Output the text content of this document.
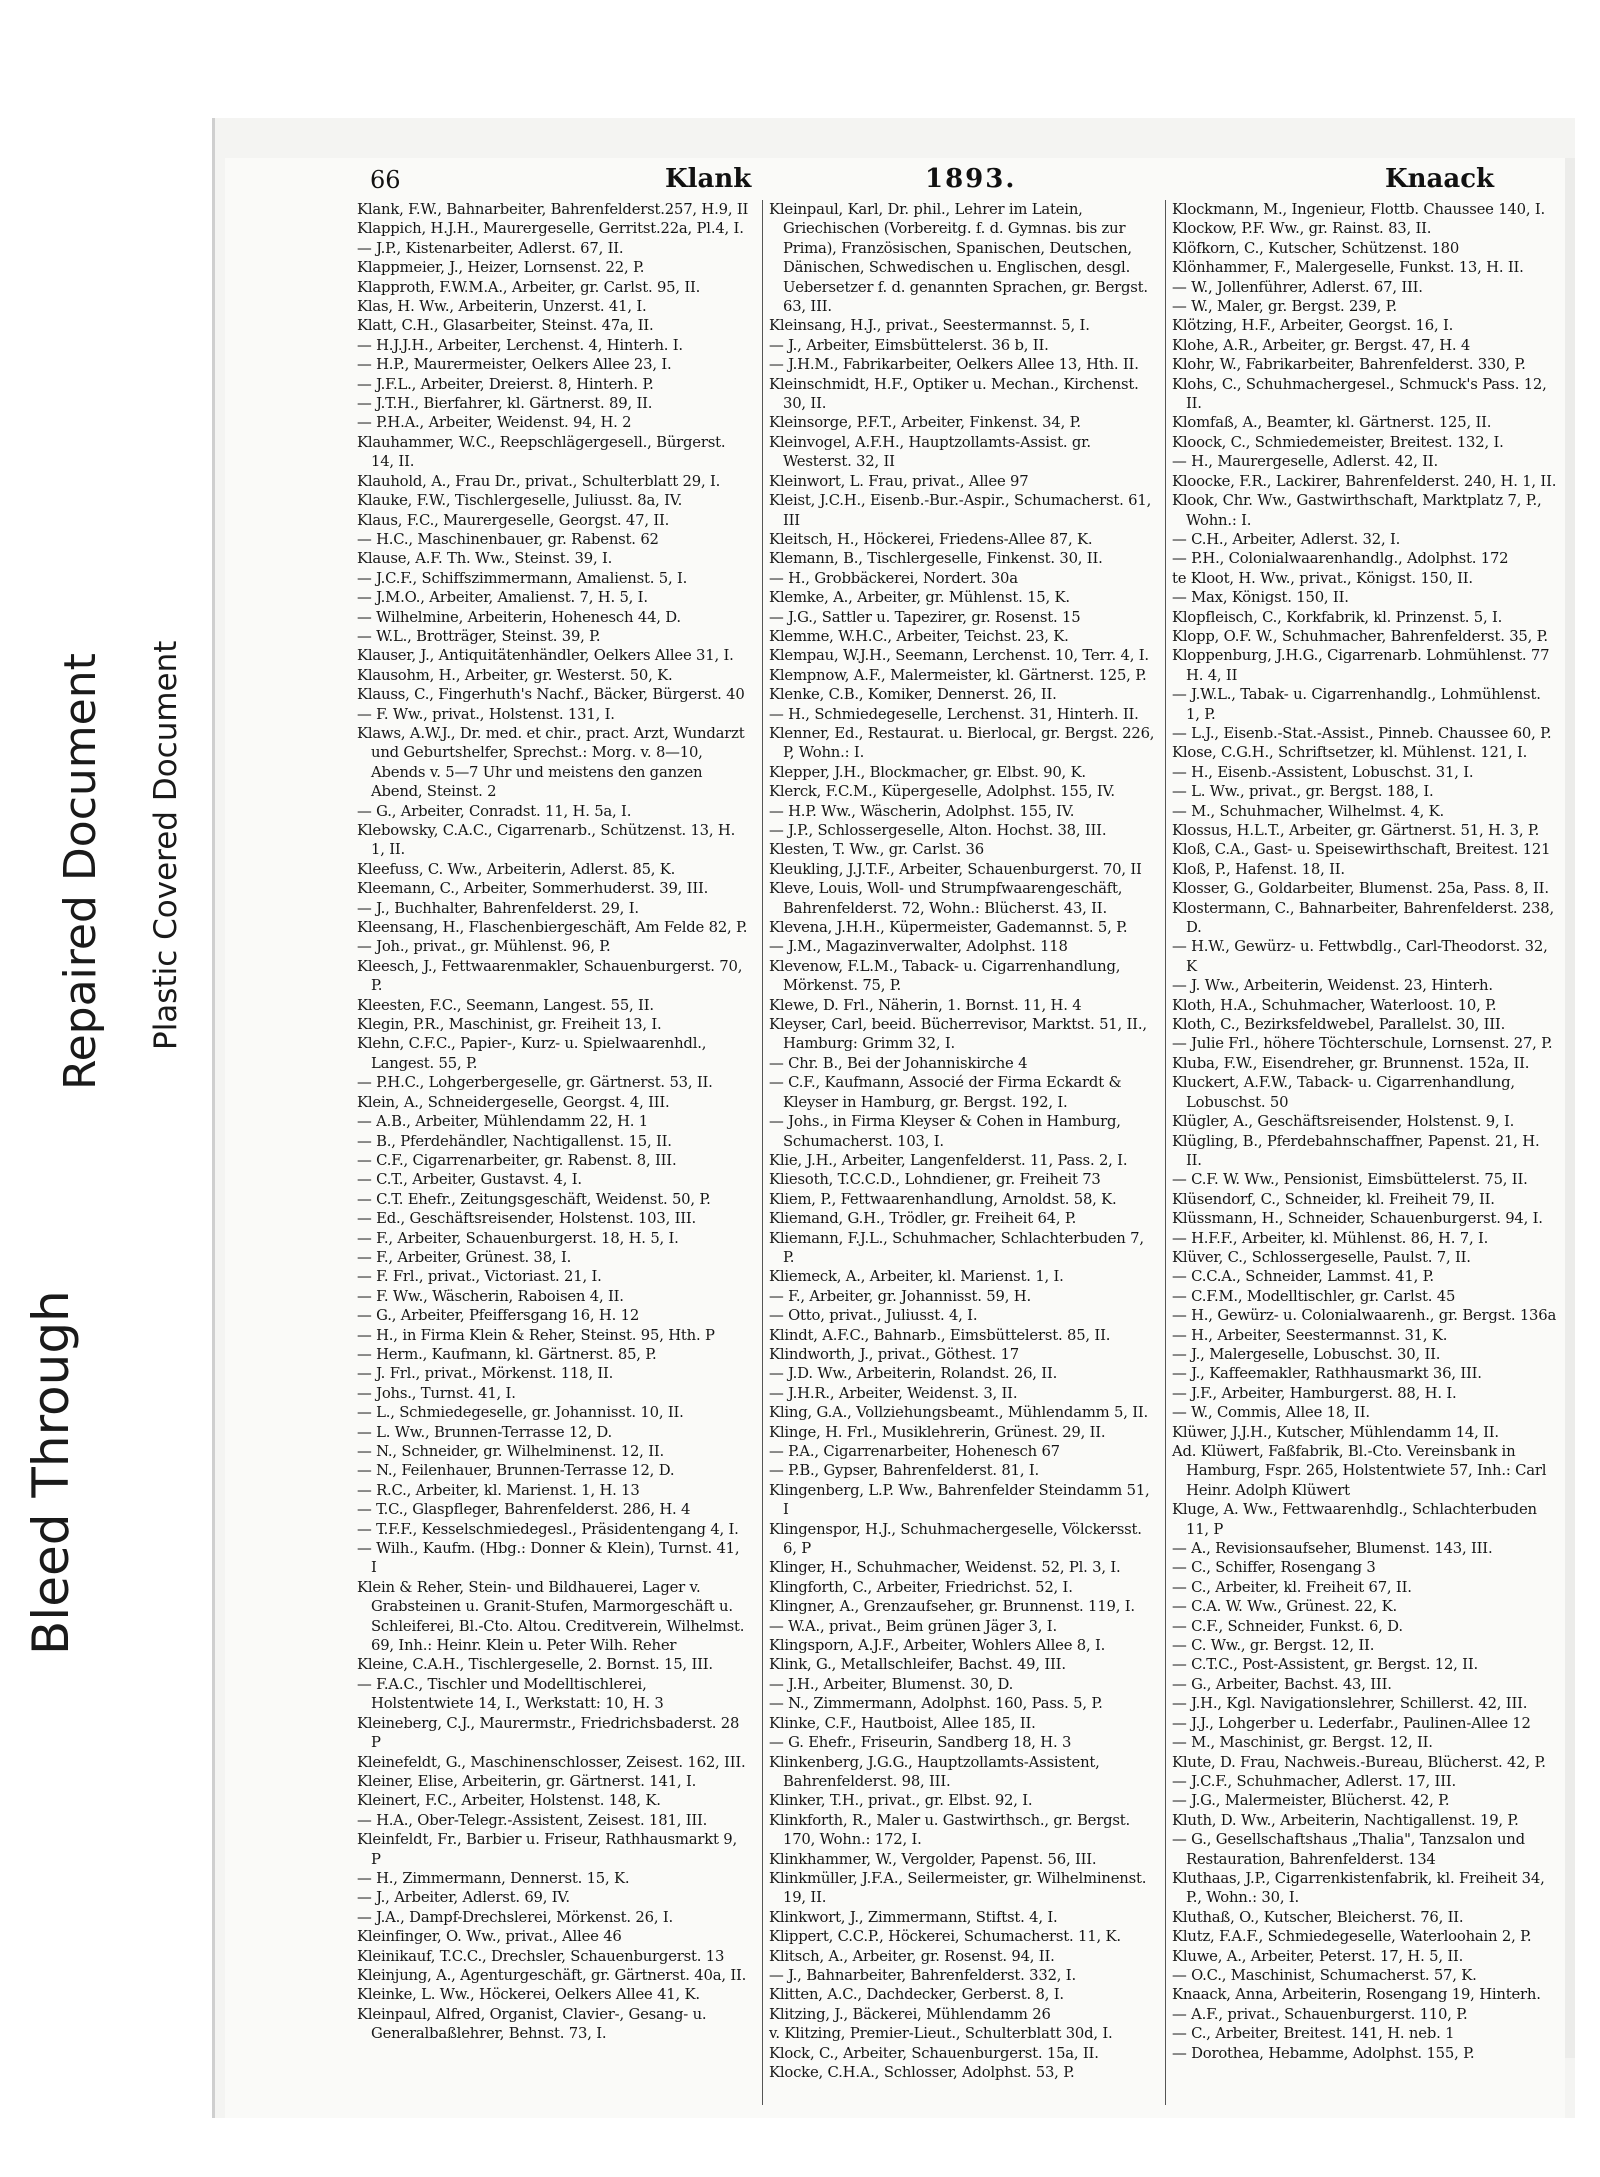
Bleed Through
Repaired Document Plastic Covered Document
66	Klank	1893.	Knaack
Klank, F.W., Bahnarbeiter, Bahrenfelderst.257, H.9, II
Klappich, H.J.H., Maurergeselle, Gerritst.22a, Pl.4, I.
— J.P., Kistenarbeiter, Adlerst. 67, II.
Klappmeier, J., Heizer, Lornsenst. 22, P.
Klapproth, F.W.M.A., Arbeiter, gr. Carlst. 95, II.
Klas, H. Ww., Arbeiterin, Unzerst. 41, I.
Klatt, C.H., Glasarbeiter, Steinst. 47a, II.
— H.J.J.H., Arbeiter, Lerchenst. 4, Hinterh. I.
— H.P., Maurermeister, Oelkers Allee 23, I.
— J.F.L., Arbeiter, Dreierst. 8, Hinterh. P.
— J.T.H., Bierfahrer, kl. Gärtnerst. 89, II.
— P.H.A., Arbeiter, Weidenst. 94, H. 2
Klauhammer, W.C., Reepschlägergesell., Bürgerst. 14, II.
Klauhold, A., Frau Dr., privat., Schulterblatt 29, I.
Klauke, F.W., Tischlergeselle, Juliusst. 8a, IV.
Klaus, F.C., Maurergeselle, Georgst. 47, II.
— H.C., Maschinenbauer, gr. Rabenst. 62
Klause, A.F. Th. Ww., Steinst. 39, I.
— J.C.F., Schiffszimmermann, Amalienst. 5, I.
— J.M.O., Arbeiter, Amalienst. 7, H. 5, I.
— Wilhelmine, Arbeiterin, Hohenesch 44, D.
— W.L., Brotträger, Steinst. 39, P.
Klauser, J., Antiquitätenhändler, Oelkers Allee 31, I.
Klausohm, H., Arbeiter, gr. Westerst. 50, K.
Klauss, C., Fingerhuth's Nachf., Bäcker, Bürgerst. 40
— F. Ww., privat., Holstenst. 131, I.
Klaws, A.W.J., Dr. med. et chir., pract. Arzt, Wundarzt und Geburtshelfer, Sprechst.: Morg. v. 8—10, Abends v. 5—7 Uhr und meistens den ganzen Abend, Steinst. 2
— G., Arbeiter, Conradst. 11, H. 5a, I.
Klebowsky, C.A.C., Cigarrenarb., Schützenst. 13, H. 1, II.
Kleefuss, C. Ww., Arbeiterin, Adlerst. 85, K.
Kleemann, C., Arbeiter, Sommerhuderst. 39, III.
— J., Buchhalter, Bahrenfelderst. 29, I.
Kleensang, H., Flaschenbiergeschäft, Am Felde 82, P.
— Joh., privat., gr. Mühlenst. 96, P.
Kleesch, J., Fettwaarenmakler, Schauenburgerst. 70, P.
Kleesten, F.C., Seemann, Langest. 55, II.
Klegin, P.R., Maschinist, gr. Freiheit 13, I.
Klehn, C.F.C., Papier-, Kurz- u. Spielwaarenhdl., Langest. 55, P.
— P.H.C., Lohgerbergeselle, gr. Gärtnerst. 53, II.
Klein, A., Schneidergeselle, Georgst. 4, III.
— A.B., Arbeiter, Mühlendamm 22, H. 1
— B., Pferdehändler, Nachtigallenst. 15, II.
— C.F., Cigarrenarbeiter, gr. Rabenst. 8, III.
— C.T., Arbeiter, Gustavst. 4, I.
— C.T. Ehefr., Zeitungsgeschäft, Weidenst. 50, P.
— Ed., Geschäftsreisender, Holstenst. 103, III.
— F., Arbeiter, Schauenburgerst. 18, H. 5, I.
— F., Arbeiter, Grünest. 38, I.
— F. Frl., privat., Victoriast. 21, I.
— F. Ww., Wäscherin, Raboisen 4, II.
— G., Arbeiter, Pfeiffersgang 16, H. 12
— H., in Firma Klein & Reher, Steinst. 95, Hth. P
— Herm., Kaufmann, kl. Gärtnerst. 85, P.
— J. Frl., privat., Mörkenst. 118, II.
— Johs., Turnst. 41, I.
— L., Schmiedegeselle, gr. Johannisst. 10, II.
— L. Ww., Brunnen-Terrasse 12, D.
— N., Schneider, gr. Wilhelminenst. 12, II.
— N., Feilenhauer, Brunnen-Terrasse 12, D.
— R.C., Arbeiter, kl. Marienst. 1, H. 13
— T.C., Glaspfleger, Bahrenfelderst. 286, H. 4
— T.F.F., Kesselschmiedegesl., Präsidentengang 4, I.
— Wilh., Kaufm. (Hbg.: Donner & Klein), Turnst. 41, I
Klein & Reher, Stein- und Bildhauerei, Lager v. Grabsteinen u. Granit-Stufen, Marmorgeschäft u. Schleiferei, Bl.-Cto. Altou. Creditverein, Wilhelmst. 69, Inh.: Heinr. Klein u. Peter Wilh. Reher
Kleine, C.A.H., Tischlergeselle, 2. Bornst. 15, III.
— F.A.C., Tischler und Modelltischlerei, Holstentwiete 14, I., Werkstatt: 10, H. 3
Kleineberg, C.J., Maurermstr., Friedrichsbaderst. 28 P
Kleinefeldt, G., Maschinenschlosser, Zeisest. 162, III.
Kleiner, Elise, Arbeiterin, gr. Gärtnerst. 141, I.
Kleinert, F.C., Arbeiter, Holstenst. 148, K.
— H.A., Ober-Telegr.-Assistent, Zeisest. 181, III.
Kleinfeldt, Fr., Barbier u. Friseur, Rathhausmarkt 9, P
— H., Zimmermann, Dennerst. 15, K.
— J., Arbeiter, Adlerst. 69, IV.
— J.A., Dampf-Drechslerei, Mörkenst. 26, I.
Kleinfinger, O. Ww., privat., Allee 46
Kleinikauf, T.C.C., Drechsler, Schauenburgerst. 13
Kleinjung, A., Agenturgeschäft, gr. Gärtnerst. 40a, II.
Kleinke, L. Ww., Höckerei, Oelkers Allee 41, K.
Kleinpaul, Alfred, Organist, Clavier-, Gesang- u. Generalbaßlehrer, Behnst. 73, I.
Kleinpaul, Karl, Dr. phil., Lehrer im Latein, Griechischen (Vorbereitg. f. d. Gymnas. bis zur Prima), Französischen, Spanischen, Deutschen, Dänischen, Schwedischen u. Englischen, desgl. Uebersetzer f. d. genannten Sprachen, gr. Bergst. 63, III.
Kleinsang, H.J., privat., Seestermannst. 5, I.
— J., Arbeiter, Eimsbüttelerst. 36 b, II.
— J.H.M., Fabrikarbeiter, Oelkers Allee 13, Hth. II.
Kleinschmidt, H.F., Optiker u. Mechan., Kirchenst. 30, II.
Kleinsorge, P.F.T., Arbeiter, Finkenst. 34, P.
Kleinvogel, A.F.H., Hauptzollamts-Assist. gr. Westerst. 32, II
Kleinwort, L. Frau, privat., Allee 97
Kleist, J.C.H., Eisenb.-Bur.-Aspir., Schumacherst. 61, III
Kleitsch, H., Höckerei, Friedens-Allee 87, K.
Klemann, B., Tischlergeselle, Finkenst. 30, II.
— H., Grobbäckerei, Nordert. 30a
Klemke, A., Arbeiter, gr. Mühlenst. 15, K.
— J.G., Sattler u. Tapezirer, gr. Rosenst. 15
Klemme, W.H.C., Arbeiter, Teichst. 23, K.
Klempau, W.J.H., Seemann, Lerchenst. 10, Terr. 4, I.
Klempnow, A.F., Malermeister, kl. Gärtnerst. 125, P.
Klenke, C.B., Komiker, Dennerst. 26, II.
— H., Schmiedegeselle, Lerchenst. 31, Hinterh. II.
Klenner, Ed., Restaurat. u. Bierlocal, gr. Bergst. 226, P, Wohn.: I.
Klepper, J.H., Blockmacher, gr. Elbst. 90, K.
Klerck, F.C.M., Küpergeselle, Adolphst. 155, IV.
— H.P. Ww., Wäscherin, Adolphst. 155, IV.
— J.P., Schlossergeselle, Alton. Hochst. 38, III.
Klesten, T. Ww., gr. Carlst. 36
Kleukling, J.J.T.F., Arbeiter, Schauenburgerst. 70, II
Kleve, Louis, Woll- und Strumpfwaarengeschäft, Bahrenfelderst. 72, Wohn.: Blücherst. 43, II.
Klevena, J.H.H., Küpermeister, Gademannst. 5, P.
— J.M., Magazinverwalter, Adolphst. 118
Klevenow, F.L.M., Taback- u. Cigarrenhandlung, Mörkenst. 75, P.
Klewe, D. Frl., Näherin, 1. Bornst. 11, H. 4
Kleyser, Carl, beeid. Bücherrevisor, Marktst. 51, II., Hamburg: Grimm 32, I.
— Chr. B., Bei der Johanniskirche 4
— C.F., Kaufmann, Associé der Firma Eckardt & Kleyser in Hamburg, gr. Bergst. 192, I.
— Johs., in Firma Kleyser & Cohen in Hamburg, Schumacherst. 103, I.
Klie, J.H., Arbeiter, Langenfelderst. 11, Pass. 2, I.
Kliesoth, T.C.C.D., Lohndiener, gr. Freiheit 73
Kliem, P., Fettwaarenhandlung, Arnoldst. 58, K.
Kliemand, G.H., Trödler, gr. Freiheit 64, P.
Kliemann, F.J.L., Schuhmacher, Schlachterbuden 7, P.
Kliemeck, A., Arbeiter, kl. Marienst. 1, I.
— F., Arbeiter, gr. Johannisst. 59, H.
— Otto, privat., Juliusst. 4, I.
Klindt, A.F.C., Bahnarb., Eimsbüttelerst. 85, II.
Klindworth, J., privat., Göthest. 17
— J.D. Ww., Arbeiterin, Rolandst. 26, II.
— J.H.R., Arbeiter, Weidenst. 3, II.
Kling, G.A., Vollziehungsbeamt., Mühlendamm 5, II.
Klinge, H. Frl., Musiklehrerin, Grünest. 29, II.
— P.A., Cigarrenarbeiter, Hohenesch 67
— P.B., Gypser, Bahrenfelderst. 81, I.
Klingenberg, L.P. Ww., Bahrenfelder Steindamm 51, I
Klingenspor, H.J., Schuhmachergeselle, Völckersst. 6, P
Klinger, H., Schuhmacher, Weidenst. 52, Pl. 3, I.
Klingforth, C., Arbeiter, Friedrichst. 52, I.
Klingner, A., Grenzaufseher, gr. Brunnenst. 119, I.
— W.A., privat., Beim grünen Jäger 3, I.
Klingsporn, A.J.F., Arbeiter, Wohlers Allee 8, I.
Klink, G., Metallschleifer, Bachst. 49, III.
— J.H., Arbeiter, Blumenst. 30, D.
— N., Zimmermann, Adolphst. 160, Pass. 5, P.
Klinke, C.F., Hautboist, Allee 185, II.
— G. Ehefr., Friseurin, Sandberg 18, H. 3
Klinkenberg, J.G.G., Hauptzollamts-Assistent, Bahrenfelderst. 98, III.
Klinker, T.H., privat., gr. Elbst. 92, I.
Klinkforth, R., Maler u. Gastwirthsch., gr. Bergst. 170, Wohn.: 172, I.
Klinkhammer, W., Vergolder, Papenst. 56, III.
Klinkmüller, J.F.A., Seilermeister, gr. Wilhelminenst. 19, II.
Klinkwort, J., Zimmermann, Stiftst. 4, I.
Klippert, C.C.P., Höckerei, Schumacherst. 11, K.
Klitsch, A., Arbeiter, gr. Rosenst. 94, II.
— J., Bahnarbeiter, Bahrenfelderst. 332, I.
Klitten, A.C., Dachdecker, Gerberst. 8, I.
Klitzing, J., Bäckerei, Mühlendamm 26
v. Klitzing, Premier-Lieut., Schulterblatt 30d, I.
Klock, C., Arbeiter, Schauenburgerst. 15a, II.
Klocke, C.H.A., Schlosser, Adolphst. 53, P.
Klockmann, M., Ingenieur, Flottb. Chaussee 140, I.
Klockow, P.F. Ww., gr. Rainst. 83, II.
Klöfkorn, C., Kutscher, Schützenst. 180
Klönhammer, F., Malergeselle, Funkst. 13, H. II.
— W., Jollenführer, Adlerst. 67, III.
— W., Maler, gr. Bergst. 239, P.
Klötzing, H.F., Arbeiter, Georgst. 16, I.
Klohe, A.R., Arbeiter, gr. Bergst. 47, H. 4
Klohr, W., Fabrikarbeiter, Bahrenfelderst. 330, P.
Klohs, C., Schuhmachergesel., Schmuck's Pass. 12, II.
Klomfaß, A., Beamter, kl. Gärtnerst. 125, II.
Kloock, C., Schmiedemeister, Breitest. 132, I.
— H., Maurergeselle, Adlerst. 42, II.
Kloocke, F.R., Lackirer, Bahrenfelderst. 240, H. 1, II.
Klook, Chr. Ww., Gastwirthschaft, Marktplatz 7, P., Wohn.: I.
— C.H., Arbeiter, Adlerst. 32, I.
— P.H., Colonialwaarenhandlg., Adolphst. 172
te Kloot, H. Ww., privat., Königst. 150, II.
— Max, Königst. 150, II.
Klopfleisch, C., Korkfabrik, kl. Prinzenst. 5, I.
Klopp, O.F. W., Schuhmacher, Bahrenfelderst. 35, P.
Kloppenburg, J.H.G., Cigarrenarb. Lohmühlenst. 77 H. 4, II
— J.W.L., Tabak- u. Cigarrenhandlg., Lohmühlenst. 1, P.
— L.J., Eisenb.-Stat.-Assist., Pinneb. Chaussee 60, P.
Klose, C.G.H., Schriftsetzer, kl. Mühlenst. 121, I.
— H., Eisenb.-Assistent, Lobuschst. 31, I.
— L. Ww., privat., gr. Bergst. 188, I.
— M., Schuhmacher, Wilhelmst. 4, K.
Klossus, H.L.T., Arbeiter, gr. Gärtnerst. 51, H. 3, P.
Kloß, C.A., Gast- u. Speisewirthschaft, Breitest. 121
Kloß, P., Hafenst. 18, II.
Klosser, G., Goldarbeiter, Blumenst. 25a, Pass. 8, II.
Klostermann, C., Bahnarbeiter, Bahrenfelderst. 238, D.
— H.W., Gewürz- u. Fettwbdlg., Carl-Theodorst. 32, K
— J. Ww., Arbeiterin, Weidenst. 23, Hinterh.
Kloth, H.A., Schuhmacher, Waterloost. 10, P.
Kloth, C., Bezirksfeldwebel, Parallelst. 30, III.
— Julie Frl., höhere Töchterschule, Lornsenst. 27, P.
Kluba, F.W., Eisendreher, gr. Brunnenst. 152a, II.
Kluckert, A.F.W., Taback- u. Cigarrenhandlung, Lobuschst. 50
Klügler, A., Geschäftsreisender, Holstenst. 9, I.
Klügling, B., Pferdebahnschaffner, Papenst. 21, H. II.
— C.F. W. Ww., Pensionist, Eimsbüttelerst. 75, II.
Klüsendorf, C., Schneider, kl. Freiheit 79, II.
Klüssmann, H., Schneider, Schauenburgerst. 94, I.
— H.F.F., Arbeiter, kl. Mühlenst. 86, H. 7, I.
Klüver, C., Schlossergeselle, Paulst. 7, II.
— C.C.A., Schneider, Lammst. 41, P.
— C.F.M., Modelltischler, gr. Carlst. 45
— H., Gewürz- u. Colonialwaarenh., gr. Bergst. 136a
— H., Arbeiter, Seestermannst. 31, K.
— J., Malergeselle, Lobuschst. 30, II.
— J., Kaffeemakler, Rathhausmarkt 36, III.
— J.F., Arbeiter, Hamburgerst. 88, H. I.
— W., Commis, Allee 18, II.
Klüwer, J.J.H., Kutscher, Mühlendamm 14, II.
Ad. Klüwert, Faßfabrik, Bl.-Cto. Vereinsbank in Hamburg, Fspr. 265, Holstentwiete 57, Inh.: Carl Heinr. Adolph Klüwert
Kluge, A. Ww., Fettwaarenhdlg., Schlachterbuden 11, P
— A., Revisionsaufseher, Blumenst. 143, III.
— C., Schiffer, Rosengang 3
— C., Arbeiter, kl. Freiheit 67, II.
— C.A. W. Ww., Grünest. 22, K.
— C.F., Schneider, Funkst. 6, D.
— C. Ww., gr. Bergst. 12, II.
— C.T.C., Post-Assistent, gr. Bergst. 12, II.
— G., Arbeiter, Bachst. 43, III.
— J.H., Kgl. Navigationslehrer, Schillerst. 42, III.
— J.J., Lohgerber u. Lederfabr., Paulinen-Allee 12
— M., Maschinist, gr. Bergst. 12, II.
Klute, D. Frau, Nachweis.-Bureau, Blücherst. 42, P.
— J.C.F., Schuhmacher, Adlerst. 17, III.
— J.G., Malermeister, Blücherst. 42, P.
Kluth, D. Ww., Arbeiterin, Nachtigallenst. 19, P.
— G., Gesellschaftshaus „Thalia", Tanzsalon und Restauration, Bahrenfelderst. 134
Kluthaas, J.P., Cigarrenkistenfabrik, kl. Freiheit 34, P., Wohn.: 30, I.
Kluthaß, O., Kutscher, Bleicherst. 76, II.
Klutz, F.A.F., Schmiedegeselle, Waterloohain 2, P.
Kluwe, A., Arbeiter, Peterst. 17, H. 5, II.
— O.C., Maschinist, Schumacherst. 57, K.
Knaack, Anna, Arbeiterin, Rosengang 19, Hinterh.
— A.F., privat., Schauenburgerst. 110, P.
— C., Arbeiter, Breitest. 141, H. neb. 1
— Dorothea, Hebamme, Adolphst. 155, P.
